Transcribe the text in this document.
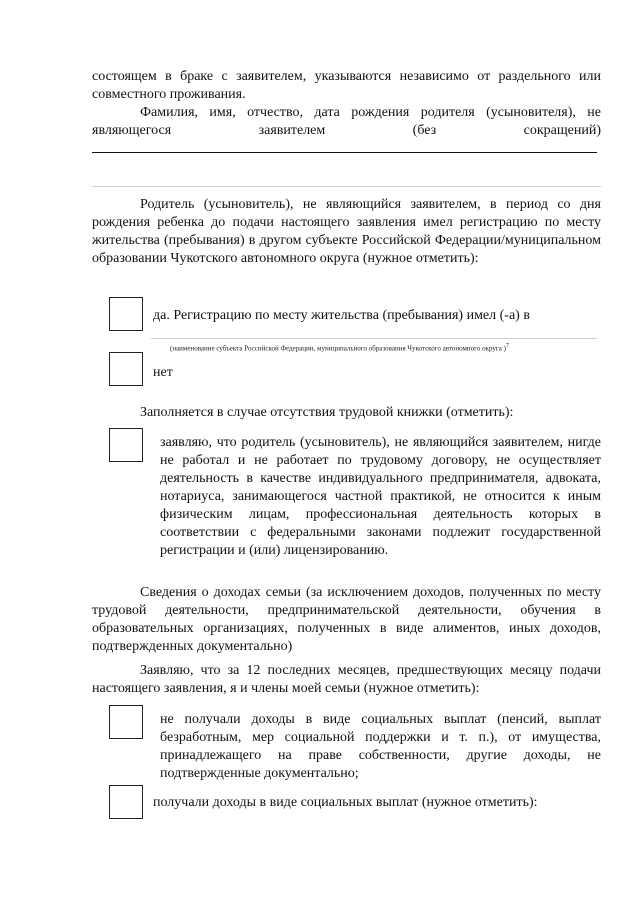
состоящем в браке с заявителем, указываются независимо от раздельного или совместного проживания.

Фамилия, имя, отчество, дата рождения родителя (усыновителя), не

являющегося заявителем (без сокращений)

Родитель (усыновитель), не являющийся заявителем, в период со дня рождения ребенка до подачи настоящего заявления имел регистрацию по месту жительства (пребывания) в другом субъекте Российской Федерации/муниципальном образовании Чукотского автономного округа (нужное отметить):

да. Регистрацию по месту жительства (пребывания) имел (-а) в

(наименование субъекта Российской Федерации, муниципального образования Чукотского автономного округа )$^7$

нет

Заполняется в случае отсутствия трудовой книжки (отметить):

заявляю, что родитель (усыновитель), не являющийся заявителем, нигде не работал и не работает по трудовому договору, не осуществляет деятельность в качестве индивидуального предпринимателя, адвоката, нотариуса, занимающегося частной практикой, не относится к иным физическим лицам, профессиональная деятельность которых в соответствии с федеральными законами подлежит государственной регистрации и (или) лицензированию.

Сведения о доходах семьи (за исключением доходов, полученных по месту трудовой деятельности, предпринимательской деятельности, обучения в образовательных организациях, полученных в виде алиментов, иных доходов, подтвержденных документально)

Заявляю, что за 12 последних месяцев, предшествующих месяцу подачи настоящего заявления, я и члены моей семьи (нужное отметить):

не получали доходы в виде социальных выплат (пенсий, выплат безработным, мер социальной поддержки и т. п.), от имущества, принадлежащего на праве собственности, другие доходы, не подтвержденные документально;

получали доходы в виде социальных выплат (нужное отметить):
